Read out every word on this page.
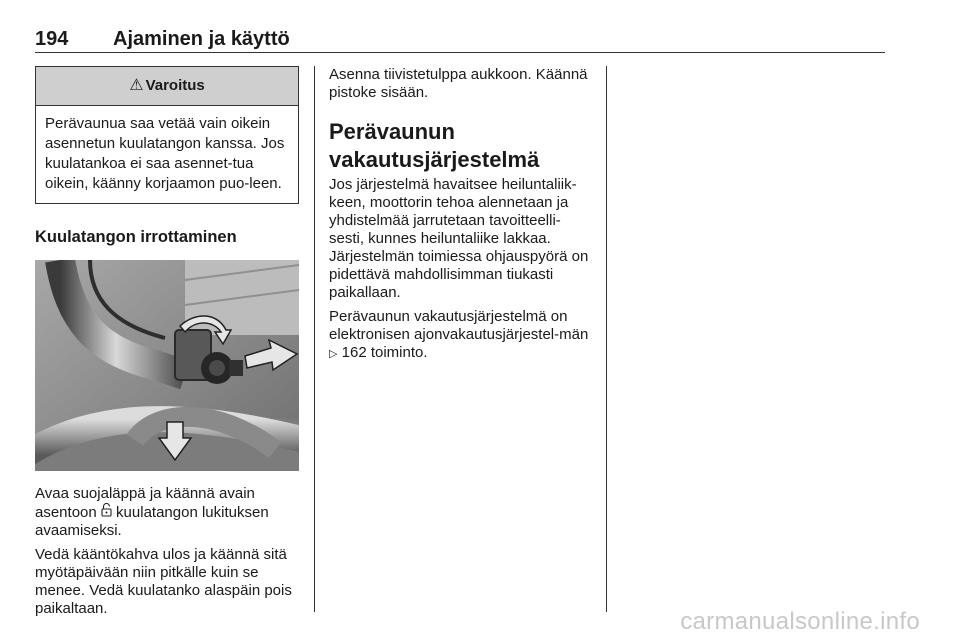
194 Ajaminen ja käyttö
⚠ Varoitus
Perävaunua saa vetää vain oikein asennetun kuulatangon kanssa. Jos kuulatankoa ei saa asennet-tua oikein, käänny korjaamon puo-leen.
Kuulatangon irrottaminen

Avaa suojaläppä ja käännä avain asentoon  kuulatangon lukituksen avaamiseksi.

Vedä kääntökahva ulos ja käännä sitä myötäpäivään niin pitkälle kuin se menee. Vedä kuulatanko alaspäin pois paikaltaan.

Asenna tiivistetulppa aukkoon. Käännä pistoke sisään.

Perävaunun vakautusjärjestelmä

Jos järjestelmä havaitsee heiluntaliik-keen, moottorin tehoa alennetaan ja yhdistelmää jarrutetaan tavoitteelli-sesti, kunnes heiluntaliike lakkaa. Järjestelmän toimiessa ohjauspyörä on pidettävä mahdollisimman tiukasti paikallaan.

Perävaunun vakautusjärjestelmä on elektronisen ajonvakautusjärjestel-män ▷ 162 toiminto.

carmanualsonline.info
